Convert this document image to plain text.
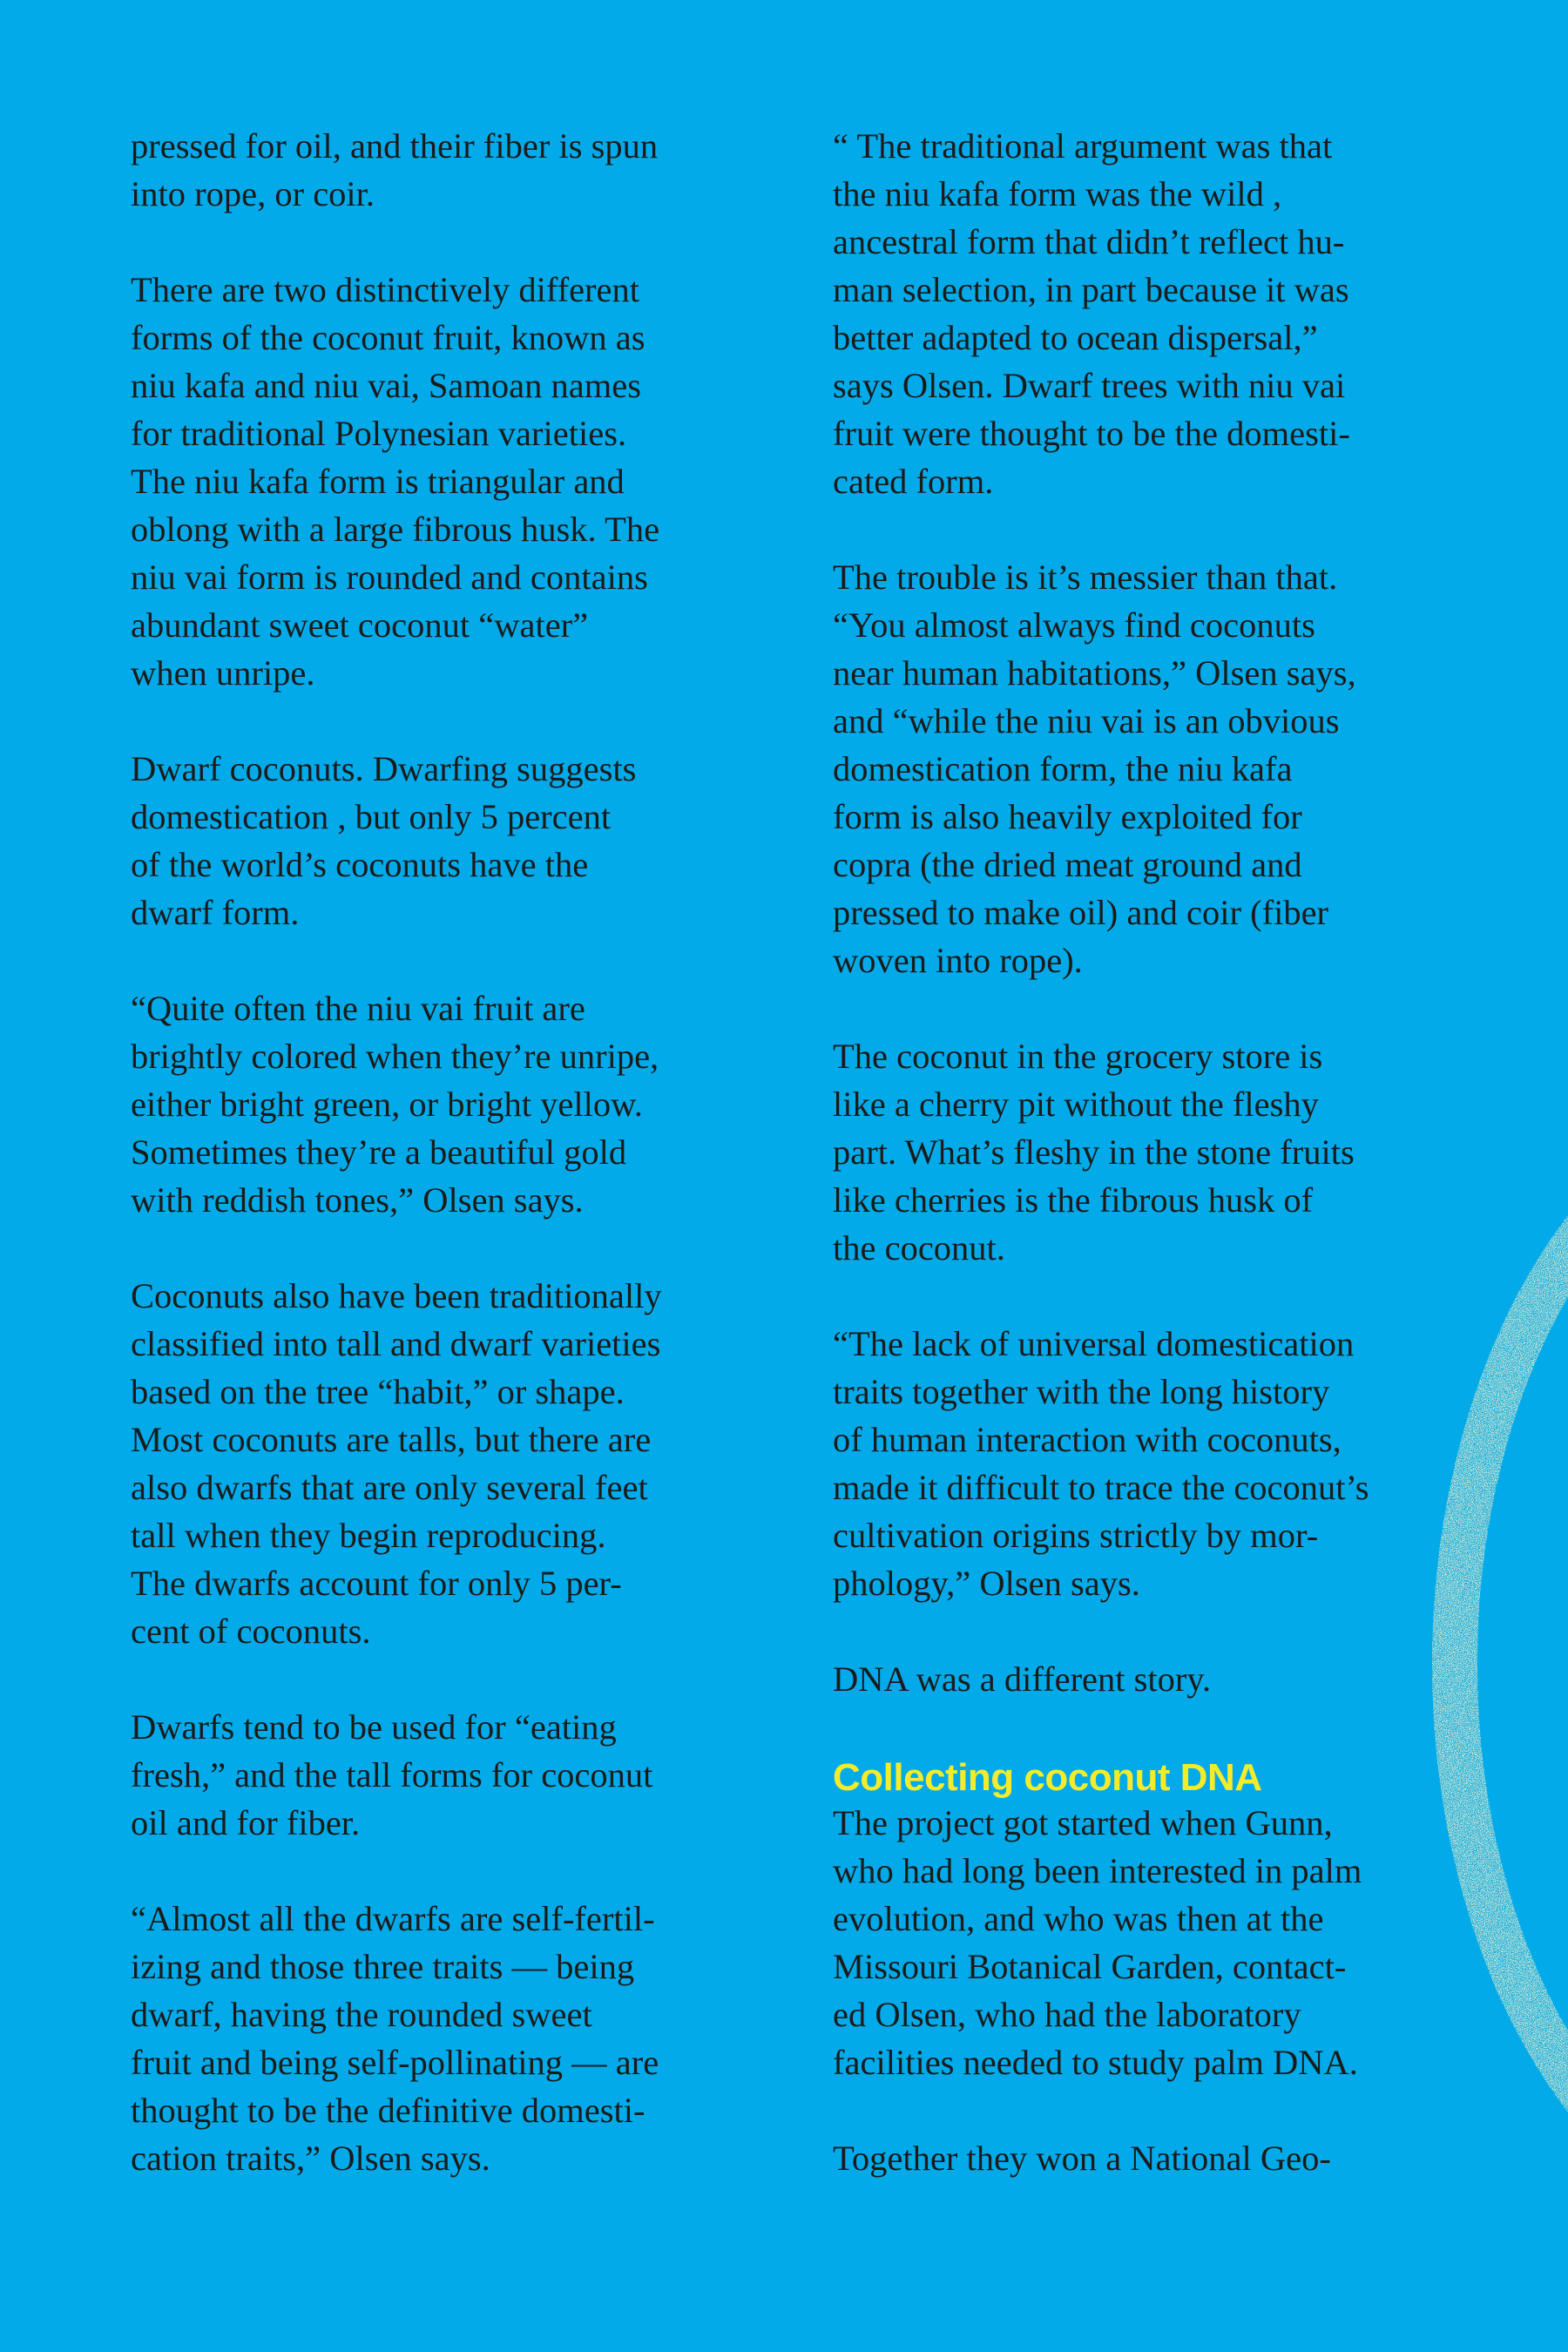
pressed for oil, and their fiber is spun
into rope, or coir.

There are two distinctively different
forms of the coconut fruit, known as
niu kafa and niu vai, Samoan names
for traditional Polynesian varieties.
The niu kafa form is triangular and
oblong with a large fibrous husk. The
niu vai form is rounded and contains
abundant sweet coconut “water”
when unripe.

Dwarf coconuts. Dwarfing suggests
domestication , but only 5 percent
of the world’s coconuts have the
dwarf form.

“Quite often the niu vai fruit are
brightly colored when they’re unripe,
either bright green, or bright yellow.
Sometimes they’re a beautiful gold
with reddish tones,” Olsen says.

Coconuts also have been traditionally
classified into tall and dwarf varieties
based on the tree “habit,” or shape.
Most coconuts are talls, but there are
also dwarfs that are only several feet
tall when they begin reproducing.
The dwarfs account for only 5 per-
cent of coconuts.

Dwarfs tend to be used for “eating
fresh,” and the tall forms for coconut
oil and for fiber.

“Almost all the dwarfs are self-fertil-
izing and those three traits — being
dwarf, having the rounded sweet
fruit and being self-pollinating — are
thought to be the definitive domesti-
cation traits,” Olsen says.

“ The traditional argument was that
the niu kafa form was the wild ,
ancestral form that didn’t reflect hu-
man selection, in part because it was
better adapted to ocean dispersal,”
says Olsen. Dwarf trees with niu vai
fruit were thought to be the domesti-
cated form.

The trouble is it’s messier than that.
“You almost always find coconuts
near human habitations,” Olsen says,
and “while the niu vai is an obvious
domestication form, the niu kafa
form is also heavily exploited for
copra (the dried meat ground and
pressed to make oil) and coir (fiber
woven into rope).

The coconut in the grocery store is
like a cherry pit without the fleshy
part. What’s fleshy in the stone fruits
like cherries is the fibrous husk of
the coconut.

“The lack of universal domestication
traits together with the long history
of human interaction with coconuts,
made it difficult to trace the coconut’s
cultivation origins strictly by mor-
phology,” Olsen says.

DNA was a different story.

Collecting coconut DNA

The project got started when Gunn,
who had long been interested in palm
evolution, and who was then at the
Missouri Botanical Garden, contact-
ed Olsen, who had the laboratory
facilities needed to study palm DNA.

Together they won a National Geo-
